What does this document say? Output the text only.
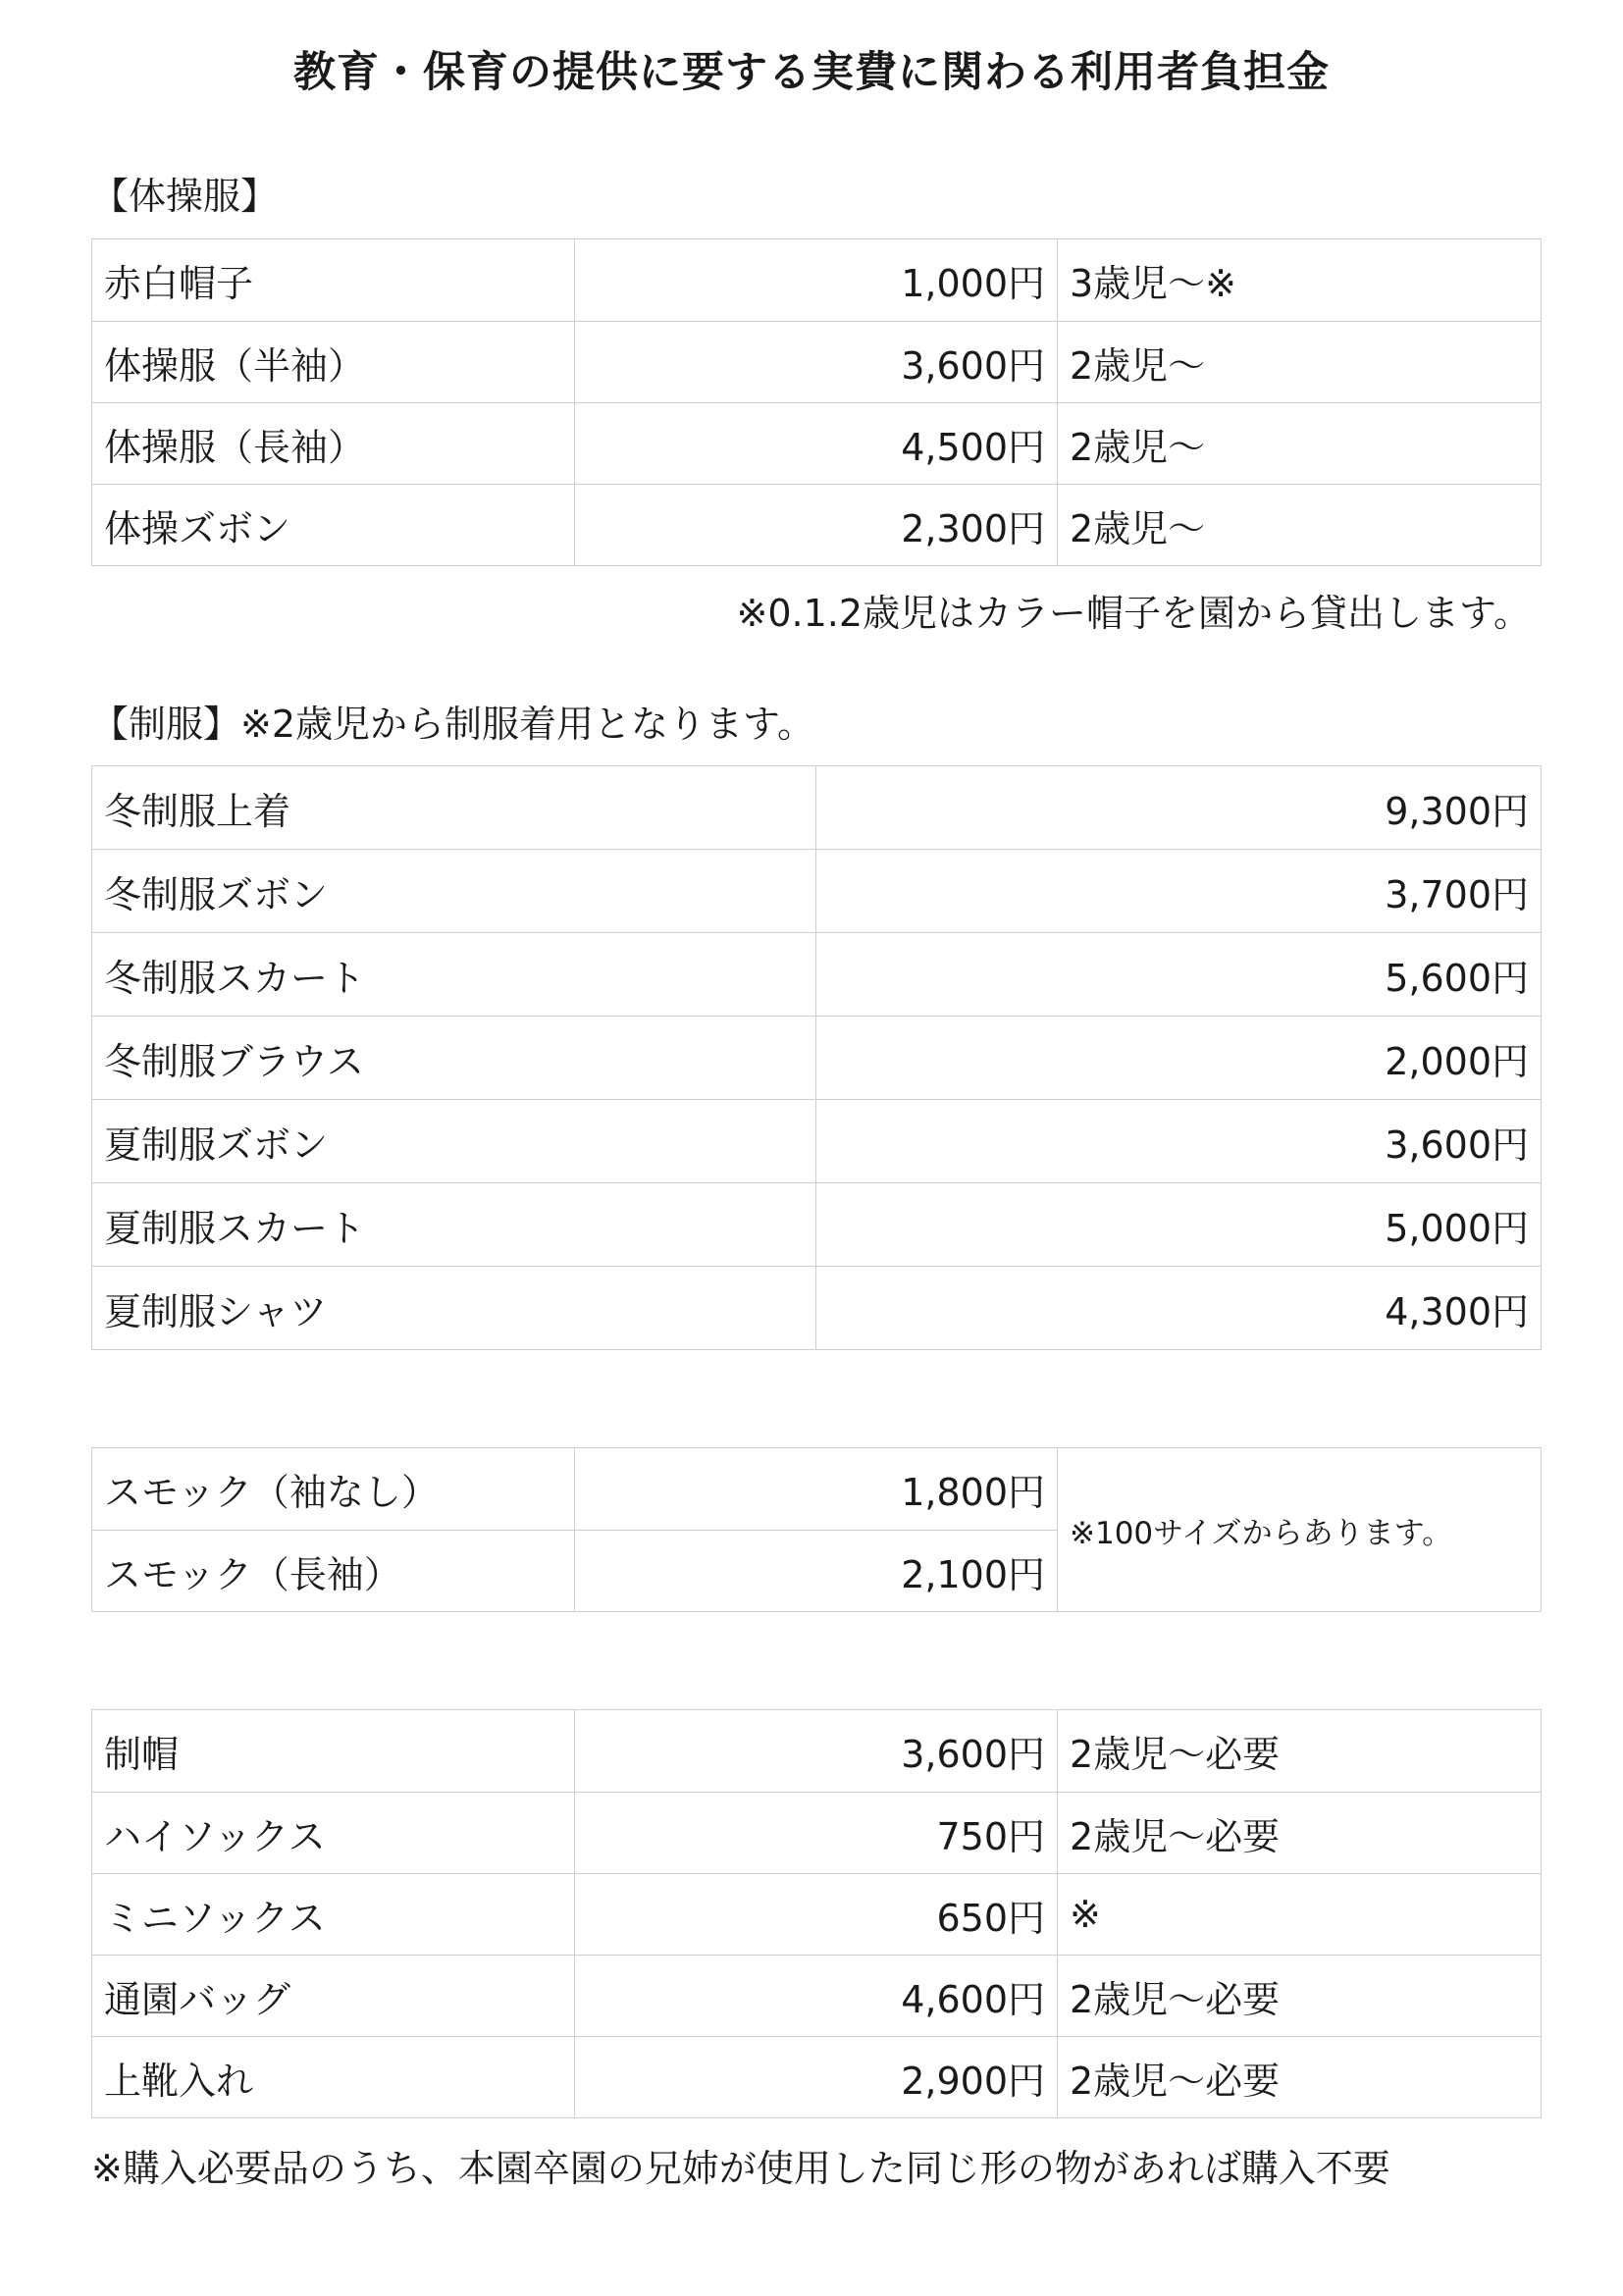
教育・保育の提供に要する実費に関わる利用者負担金
【体操服】
赤白帽子	1,000円	3歳児〜※
体操服（半袖）	3,600円	2歳児〜
体操服（長袖）	4,500円	2歳児〜
体操ズボン	2,300円	2歳児〜
※0.1.2歳児はカラー帽子を園から貸出します。
【制服】※2歳児から制服着用となります。
冬制服上着	9,300円
冬制服ズボン	3,700円
冬制服スカート	5,600円
冬制服ブラウス	2,000円
夏制服ズボン	3,600円
夏制服スカート	5,000円
夏制服シャツ	4,300円
スモック（袖なし）	1,800円	※100サイズからあります。
スモック（長袖）	2,100円	
制帽	3,600円	2歳児〜必要
ハイソックス	750円	2歳児〜必要
ミニソックス	650円	※
通園バッグ	4,600円	2歳児〜必要
上靴入れ	2,900円	2歳児〜必要
※購入必要品のうち、本園卒園の兄姉が使用した同じ形の物があれば購入不要
